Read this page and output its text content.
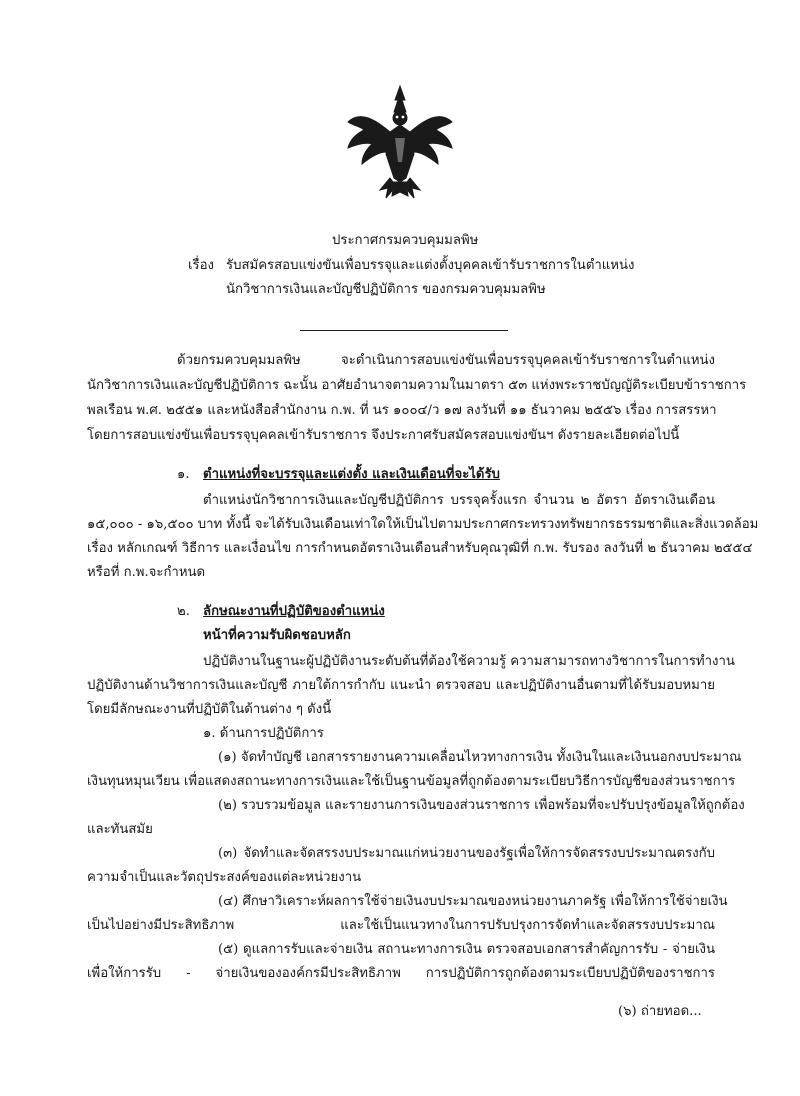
ประกาศกรมควบคุมมลพิษ
เรื่อง รับสมัครสอบแข่งขันเพื่อบรรจุและแต่งตั้งบุคคลเข้ารับราชการในตำแหน่ง
นักวิชาการเงินและบัญชีปฏิบัติการ ของกรมควบคุมมลพิษ
ด้วยกรมควบคุมมลพิษ จะดำเนินการสอบแข่งขันเพื่อบรรจุบุคคลเข้ารับราชการในตำแหน่ง
นักวิชาการเงินและบัญชีปฏิบัติการ ฉะนั้น อาศัยอำนาจตามความในมาตรา ๕๓ แห่งพระราชบัญญัติระเบียบข้าราชการ
พลเรือน พ.ศ. ๒๕๕๑ และหนังสือสำนักงาน ก.พ. ที่ นร ๑๐๐๔/ว ๑๗ ลงวันที่ ๑๑ ธันวาคม ๒๕๕๖ เรื่อง การสรรหา
โดยการสอบแข่งขันเพื่อบรรจุบุคคลเข้ารับราชการ จึงประกาศรับสมัครสอบแข่งขันฯ ดังรายละเอียดต่อไปนี้
๑. ตำแหน่งที่จะบรรจุและแต่งตั้ง และเงินเดือนที่จะได้รับ
ตำแหน่งนักวิชาการเงินและบัญชีปฏิบัติการ บรรจุครั้งแรก จำนวน ๒ อัตรา อัตราเงินเดือน
๑๕,๐๐๐ - ๑๖,๕๐๐ บาท ทั้งนี้ จะได้รับเงินเดือนเท่าใดให้เป็นไปตามประกาศกระทรวงทรัพยากรธรรมชาติและสิ่งแวดล้อม
เรื่อง หลักเกณฑ์ วิธีการ และเงื่อนไข การกำหนดอัตราเงินเดือนสำหรับคุณวุฒิที่ ก.พ. รับรอง ลงวันที่ ๒ ธันวาคม ๒๕๕๔
หรือที่ ก.พ.จะกำหนด
๒. ลักษณะงานที่ปฏิบัติของตำแหน่ง
หน้าที่ความรับผิดชอบหลัก
ปฏิบัติงานในฐานะผู้ปฏิบัติงานระดับต้นที่ต้องใช้ความรู้ ความสามารถทางวิชาการในการทำงาน
ปฏิบัติงานด้านวิชาการเงินและบัญชี ภายใต้การกำกับ แนะนำ ตรวจสอบ และปฏิบัติงานอื่นตามที่ได้รับมอบหมาย
โดยมีลักษณะงานที่ปฏิบัติในด้านต่าง ๆ ดังนี้
๑. ด้านการปฏิบัติการ
(๑) จัดทำบัญชี เอกสารรายงานความเคลื่อนไหวทางการเงิน ทั้งเงินในและเงินนอกงบประมาณ
เงินทุนหมุนเวียน เพื่อแสดงสถานะทางการเงินและใช้เป็นฐานข้อมูลที่ถูกต้องตามระเบียบวิธีการบัญชีของส่วนราชการ
(๒) รวบรวมข้อมูล และรายงานการเงินของส่วนราชการ เพื่อพร้อมที่จะปรับปรุงข้อมูลให้ถูกต้อง
และทันสมัย
(๓) จัดทำและจัดสรรงบประมาณแก่หน่วยงานของรัฐเพื่อให้การจัดสรรงบประมาณตรงกับ
ความจำเป็นและวัตถุประสงค์ของแต่ละหน่วยงาน
(๔) ศึกษาวิเคราะห์ผลการใช้จ่ายเงินงบประมาณของหน่วยงานภาครัฐ เพื่อให้การใช้จ่ายเงิน
เป็นไปอย่างมีประสิทธิภาพ และใช้เป็นแนวทางในการปรับปรุงการจัดทำและจัดสรรงบประมาณ
(๕) ดูแลการรับและจ่ายเงิน สถานะทางการเงิน ตรวจสอบเอกสารสำคัญการรับ - จ่ายเงิน
เพื่อให้การรับ - จ่ายเงินขององค์กรมีประสิทธิภาพ การปฏิบัติการถูกต้องตามระเบียบปฏิบัติของราชการ
(๖) ถ่ายทอด...
